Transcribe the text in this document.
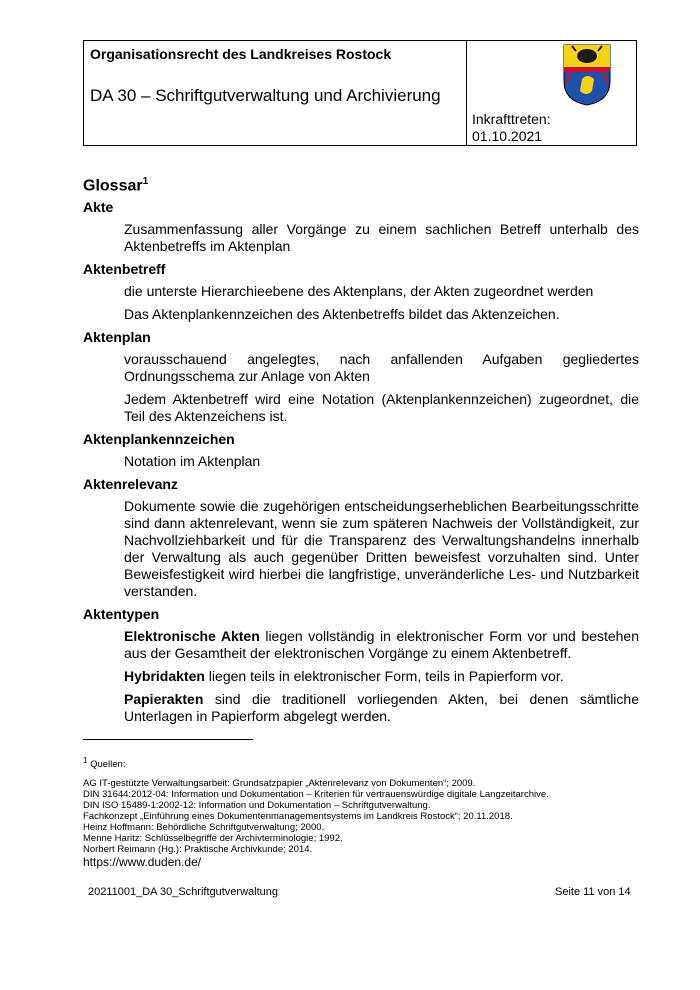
Organisationsrecht des Landkreises Rostock
DA 30 – Schriftgutverwaltung und Archivierung
Inkrafttreten:
01.10.2021
Glossar$^1$
Akte

Zusammenfassung aller Vorgänge zu einem sachlichen Betreff unterhalb des Aktenbetreffs im Aktenplan

Aktenbetreff

die unterste Hierarchieebene des Aktenplans, der Akten zugeordnet werden

Das Aktenplankennzeichen des Aktenbetreffs bildet das Aktenzeichen.

Aktenplan

vorausschauend angelegtes, nach anfallenden Aufgaben gegliedertes Ordnungsschema zur Anlage von Akten

Jedem Aktenbetreff wird eine Notation (Aktenplankennzeichen) zugeordnet, die Teil des Aktenzeichens ist.

Aktenplankennzeichen

Notation im Aktenplan

Aktenrelevanz

Dokumente sowie die zugehörigen entscheidungserheblichen Bearbeitungsschritte sind dann aktenrelevant, wenn sie zum späteren Nachweis der Vollständigkeit, zur Nachvollziehbarkeit und für die Transparenz des Verwaltungshandelns innerhalb der Verwaltung als auch gegenüber Dritten beweisfest vorzuhalten sind. Unter Beweisfestigkeit wird hierbei die langfristige, unveränderliche Les- und Nutzbarkeit verstanden.

Aktentypen

Elektronische Akten liegen vollständig in elektronischer Form vor und bestehen aus der Gesamtheit der elektronischen Vorgänge zu einem Aktenbetreff.

Hybridakten liegen teils in elektronischer Form, teils in Papierform vor.

Papierakten sind die traditionell vorliegenden Akten, bei denen sämtliche Unterlagen in Papierform abgelegt werden.

$^1$ Quellen:
AG IT-gestützte Verwaltungsarbeit: Grundsatzpapier „Aktenrelevanz von Dokumenten“; 2009.
DIN 31644:2012-04: Information und Dokumentation – Kriterien für vertrauenswürdige digitale Langzeitarchive.
DIN ISO 15489-1:2002-12: Information und Dokumentation – Schriftgutverwaltung.
Fachkonzept „Einführung eines Dokumentenmanagementsystems im Landkreis Rostock“; 20.11.2018.
Heinz Hoffmann: Behördliche Schriftgutverwaltung; 2000.
Menne Haritz: Schlüsselbegriffe der Archivterminologie; 1992.
Norbert Reimann (Hg.): Praktische Archivkunde; 2014.
https://www.duden.de/
20211001_DA 30_Schriftgutverwaltung	Seite 11 von 14
